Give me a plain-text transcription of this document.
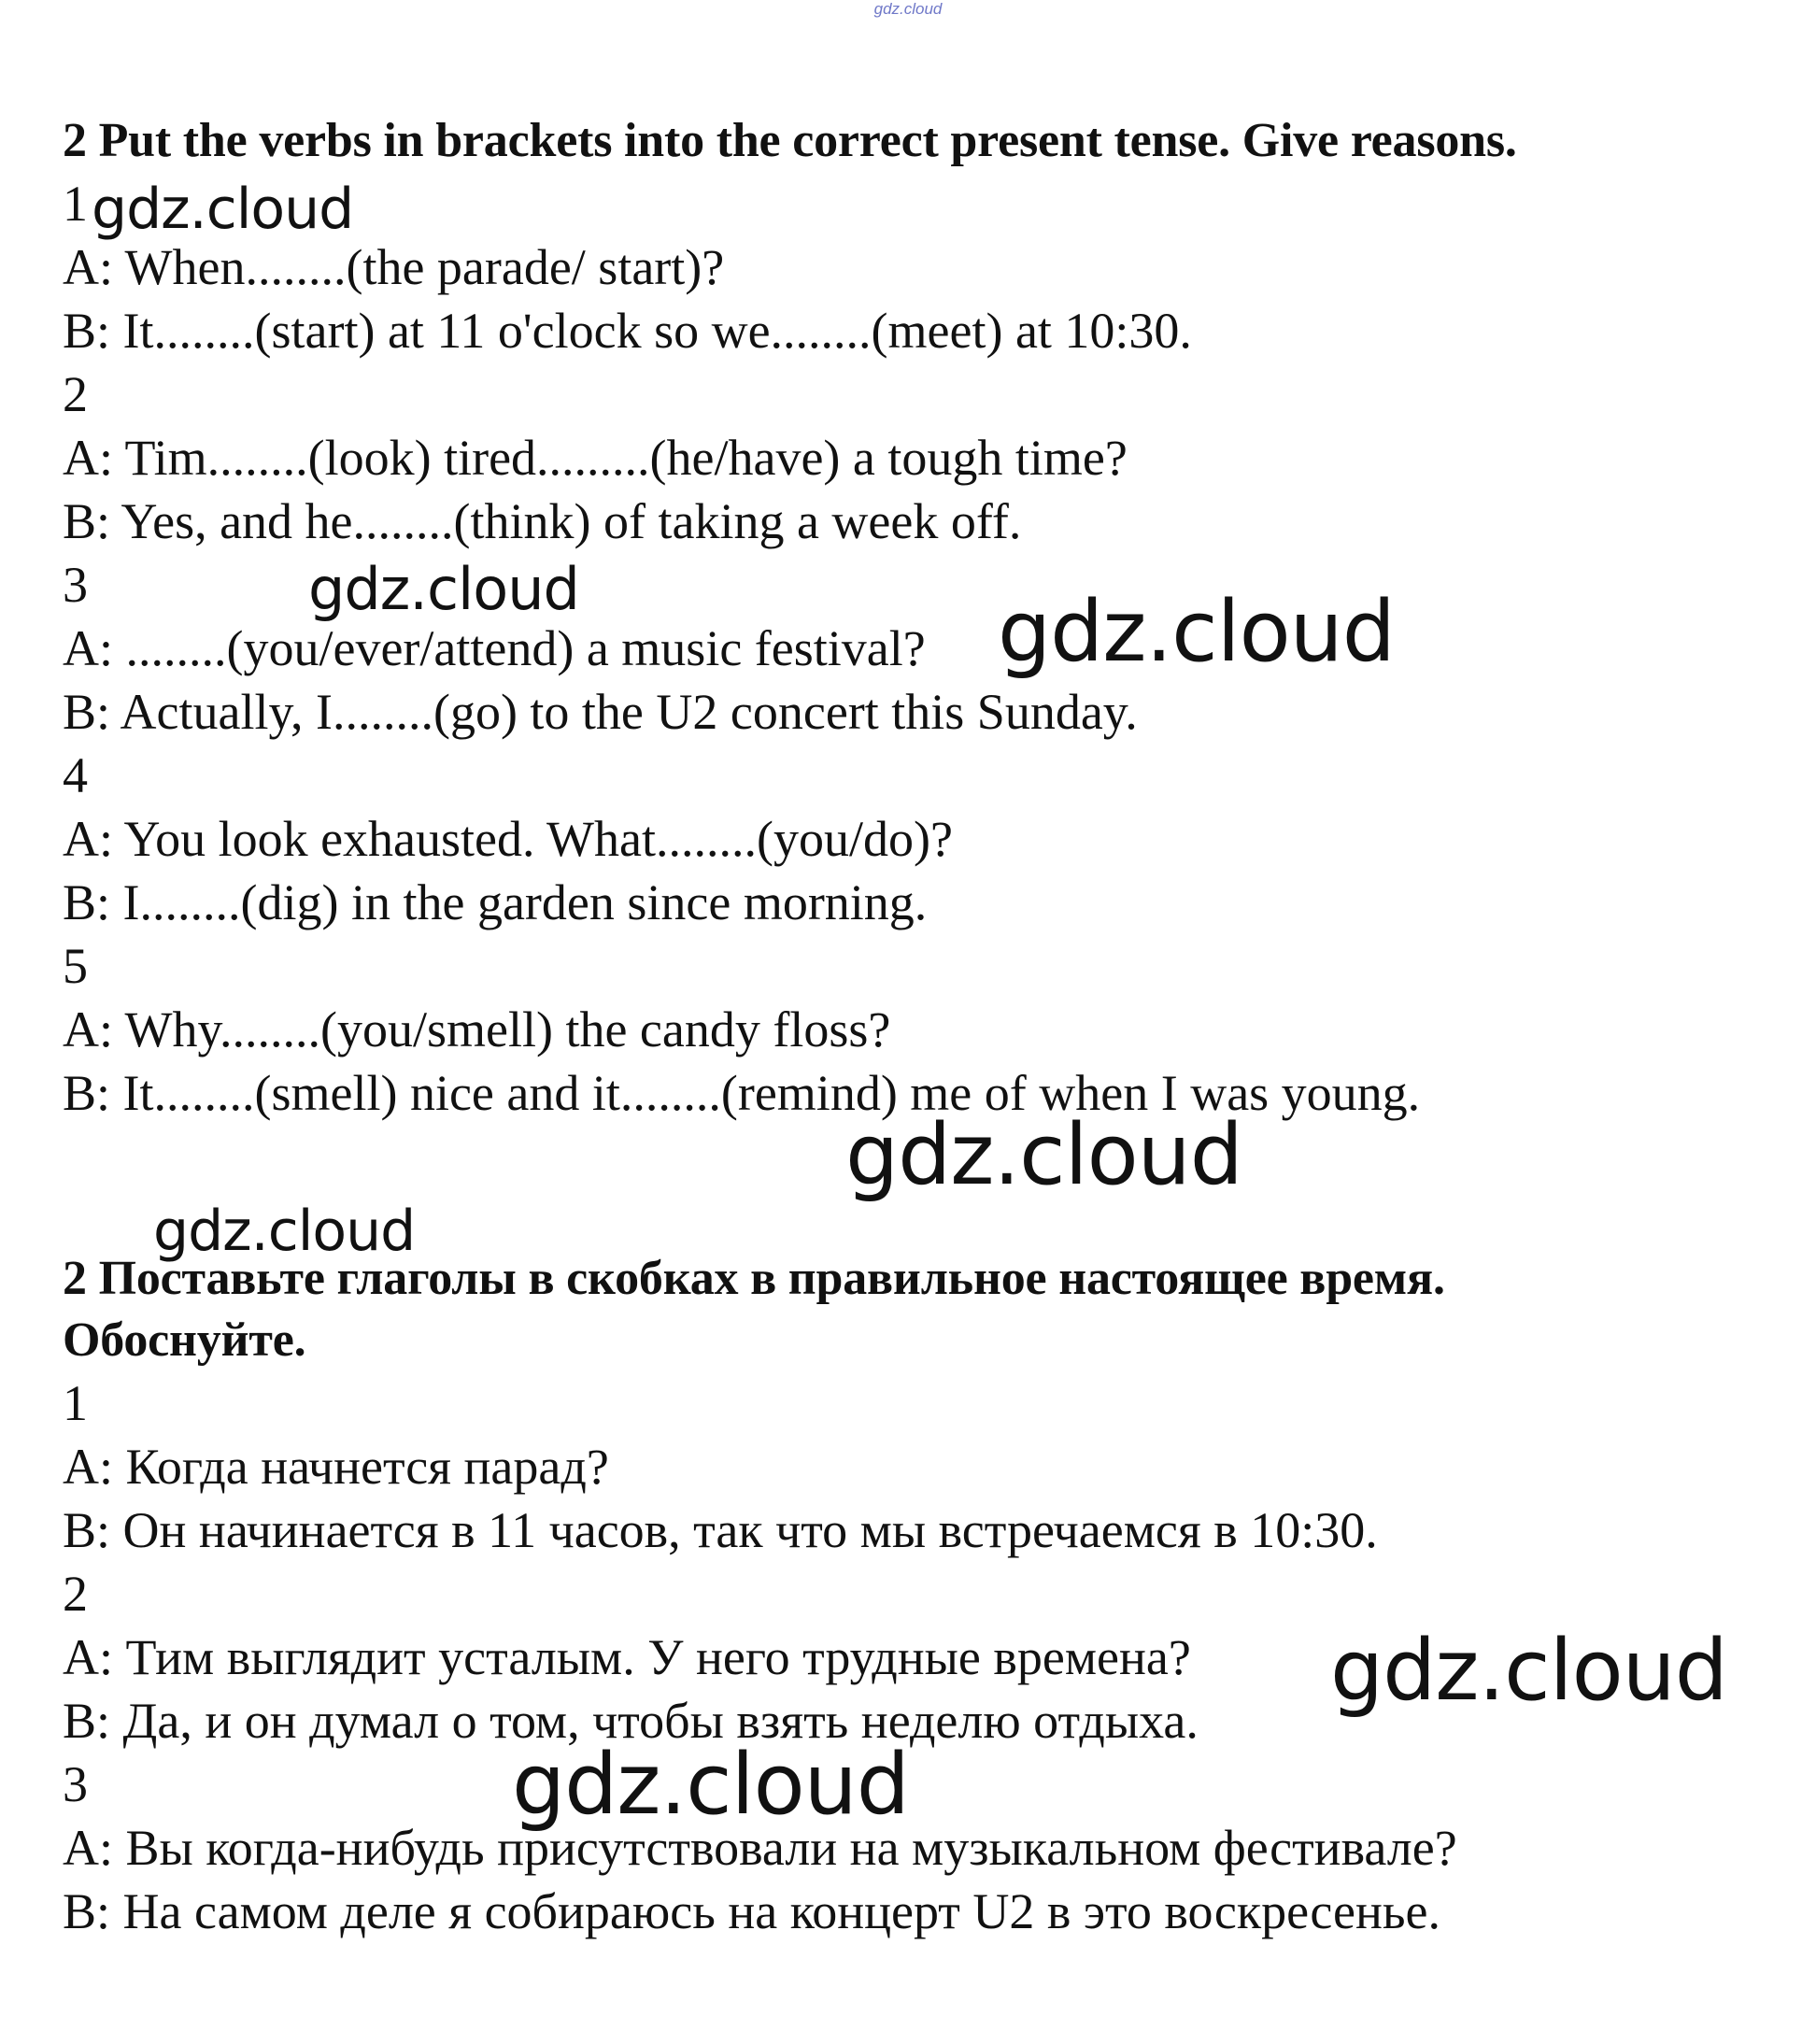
gdz.cloud

2 Put the verbs in brackets into the correct present tense. Give reasons.

1

A: When........(the parade/ start)?

B: It........(start) at 11 o'clock so we........(meet) at 10:30.

2

A: Tim........(look) tired.........(he/have) a tough time?

B: Yes, and he........(think) of taking a week off.

3

A: ........(you/ever/attend) a music festival?

B: Actually, I........(go) to the U2 concert this Sunday.

4

A: You look exhausted. What........(you/do)?

B: I........(dig) in the garden since morning.

5

A: Why........(you/smell) the candy floss?

B: It........(smell) nice and it........(remind) me of when I was young.

2 Поставьте глаголы в скобках в правильное настоящее время.

Обоснуйте.

1

A: Когда начнется парад?

B: Он начинается в 11 часов, так что мы встречаемся в 10:30.

2

A: Тим выглядит усталым. У него трудные времена?

B: Да, и он думал о том, чтобы взять неделю отдыха.

3

A: Вы когда-нибудь присутствовали на музыкальном фестивале?

B: На самом деле я собираюсь на концерт U2 в это воскресенье.

gdz.cloud
gdz.cloud	gdz.cloud
gdz.cloud
gdz.cloud
gdz.cloud
gdz.cloud
